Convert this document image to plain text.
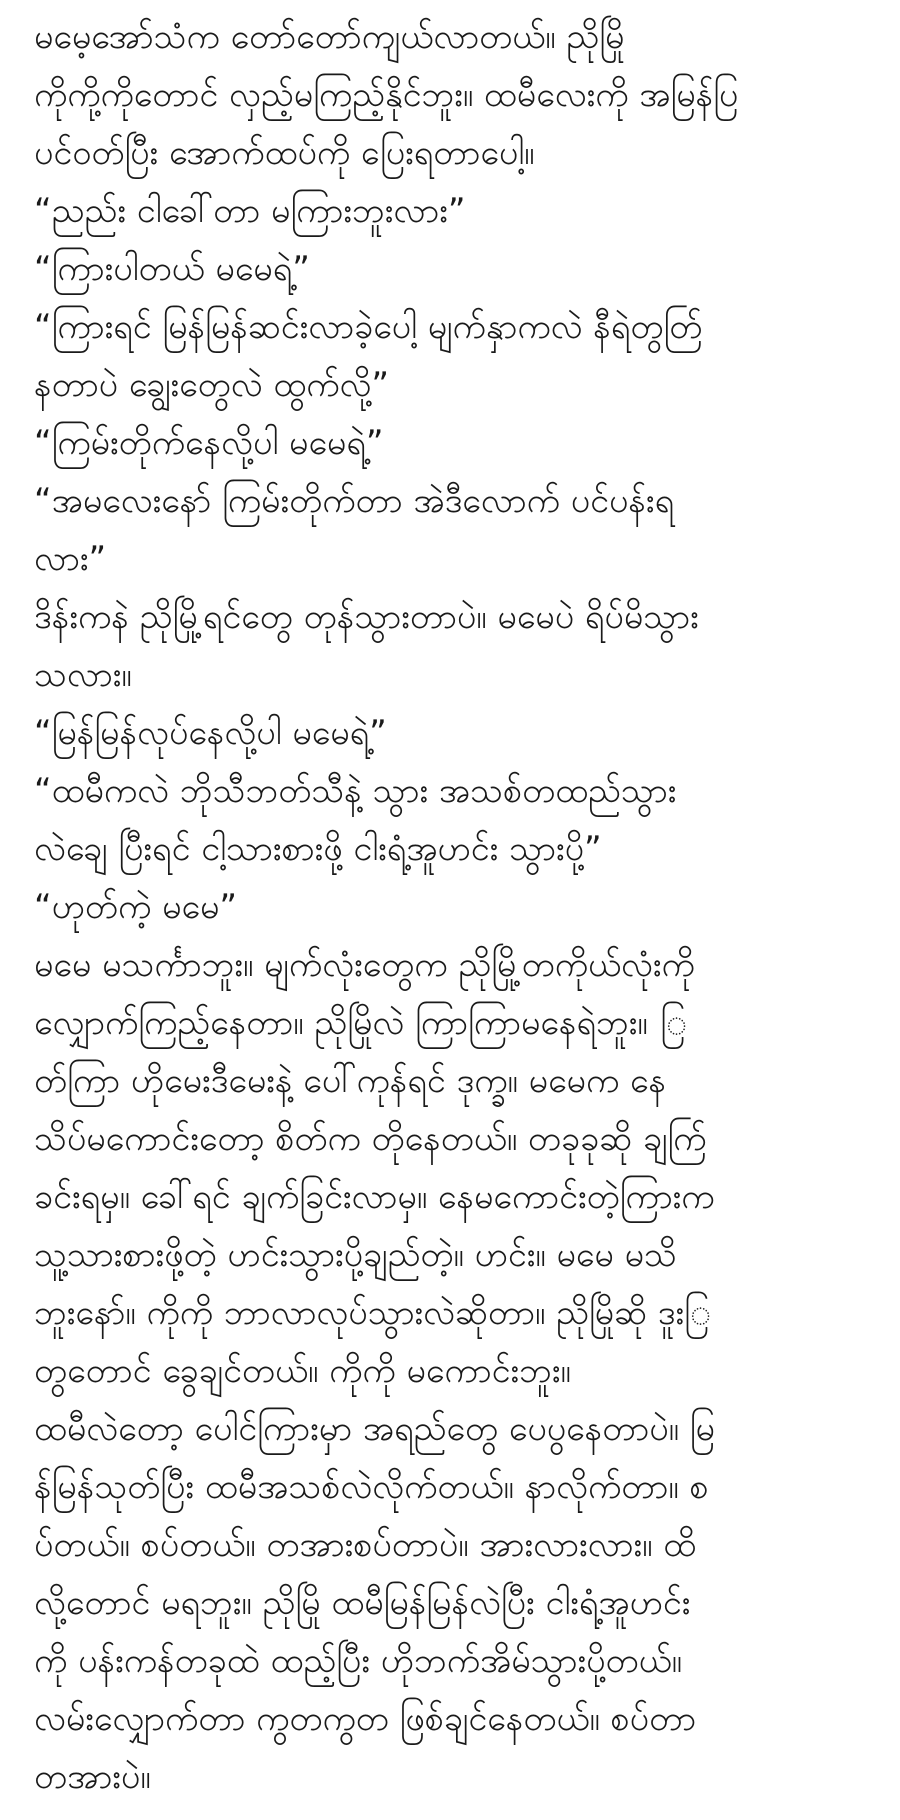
မမေ့အော်သံက တော်တော်ကျယ်လာတယ်။ ညိုမြို
ကိုကို့ကိုတောင် လှည့်မကြည့်နိုင်ဘူး။ ထမီလေးကို အမြန်ပြ
ပင်ဝတ်ပြီး အောက်ထပ်ကို ပြေးရတာပေါ့။
“ညည်း ငါခေါ်တာ မကြားဘူးလား”
“ကြားပါတယ် မမေရဲ့”
“ကြားရင် မြန်မြန်ဆင်းလာခဲ့ပေါ့ မျက်နှာကလဲ နီရဲတွတ်ြ
နတာပဲ ချွေးတွေလဲ ထွက်လို့”
“ကြမ်းတိုက်နေလို့ပါ မမေရဲ့”
“အမလေးနော် ကြမ်းတိုက်တာ အဲဒီလောက် ပင်ပန်းရ
လား”
ဒိန်းကနဲ ညိုမြို့ရင်တွေ တုန်သွားတာပဲ။ မမေပဲ ရိပ်မိသွား
သလား။
“မြန်မြန်လုပ်နေလို့ပါ မမေရဲ့”
“ထမီကလဲ ဘိုသီဘတ်သီနဲ့ သွား အသစ်တထည်သွား
လဲချေ ပြီးရင် ငါ့သားစားဖို့ ငါးရံ့အူဟင်း သွားပို့”
“ဟုတ်ကဲ့ မမေ”
မမေ မသင်္ကာဘူး။ မျက်လုံးတွေက ညိုမြို့တကိုယ်လုံးကို
လျှောက်ကြည့်နေတာ။ ညိုမြိုလဲ ကြာကြာမနေရဲဘူး။ ြ
တ်ကြာ ဟိုမေးဒီမေးနဲ့ ပေါ်ကုန်ရင် ဒုက္ခ။ မမေက နေ
သိပ်မကောင်းတော့ စိတ်က တိုနေတယ်။ တခုခုဆို ချက်ြ
ခင်းရမှ။ ခေါ်ရင် ချက်ခြင်းလာမှ။ နေမကောင်းတဲ့ကြားက
သူ့သားစားဖို့တဲ့ ဟင်းသွားပို့ချည်တဲ့။ ဟင်း။ မမေ မသိ
ဘူးနော်။ ကိုကို ဘာလာလုပ်သွားလဲဆိုတာ။ ညိုမြိုဆို ဒူးြ
တွတောင် ခွေချင်တယ်။ ကိုကို မကောင်းဘူး။
ထမီလဲတော့ ပေါင်ကြားမှာ အရည်တွေ ပေပွနေတာပဲ။ မြ
န်မြန်သုတ်ပြီး ထမီအသစ်လဲလိုက်တယ်။ နာလိုက်တာ။ စ
ပ်တယ်။ စပ်တယ်။ တအားစပ်တာပဲ။ အားလားလား။ ထိ
လို့တောင် မရဘူး။ ညိုမြို ထမီမြန်မြန်လဲပြီး ငါးရံ့အူဟင်း
ကို ပန်းကန်တခုထဲ ထည့်ပြီး ဟိုဘက်အိမ်သွားပို့တယ်။
လမ်းလျှောက်တာ ကွတကွတ ဖြစ်ချင်နေတယ်။ စပ်တာ
တအားပဲ။
